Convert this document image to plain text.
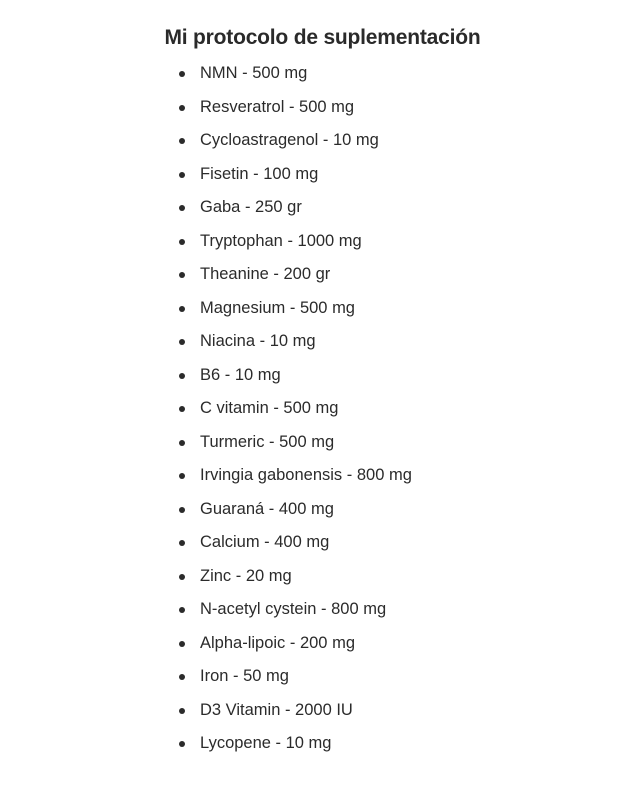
Mi protocolo de suplementación
NMN - 500 mg
Resveratrol - 500 mg
Cycloastragenol - 10 mg
Fisetin - 100 mg
Gaba - 250 gr
Tryptophan - 1000 mg
Theanine - 200 gr
Magnesium - 500 mg
Niacina - 10 mg
B6 - 10 mg
C vitamin - 500 mg
Turmeric - 500 mg
Irvingia gabonensis - 800 mg
Guaraná - 400 mg
Calcium - 400 mg
Zinc - 20 mg
N-acetyl cystein - 800 mg
Alpha-lipoic - 200 mg
Iron - 50 mg
D3 Vitamin - 2000 IU
Lycopene - 10 mg
